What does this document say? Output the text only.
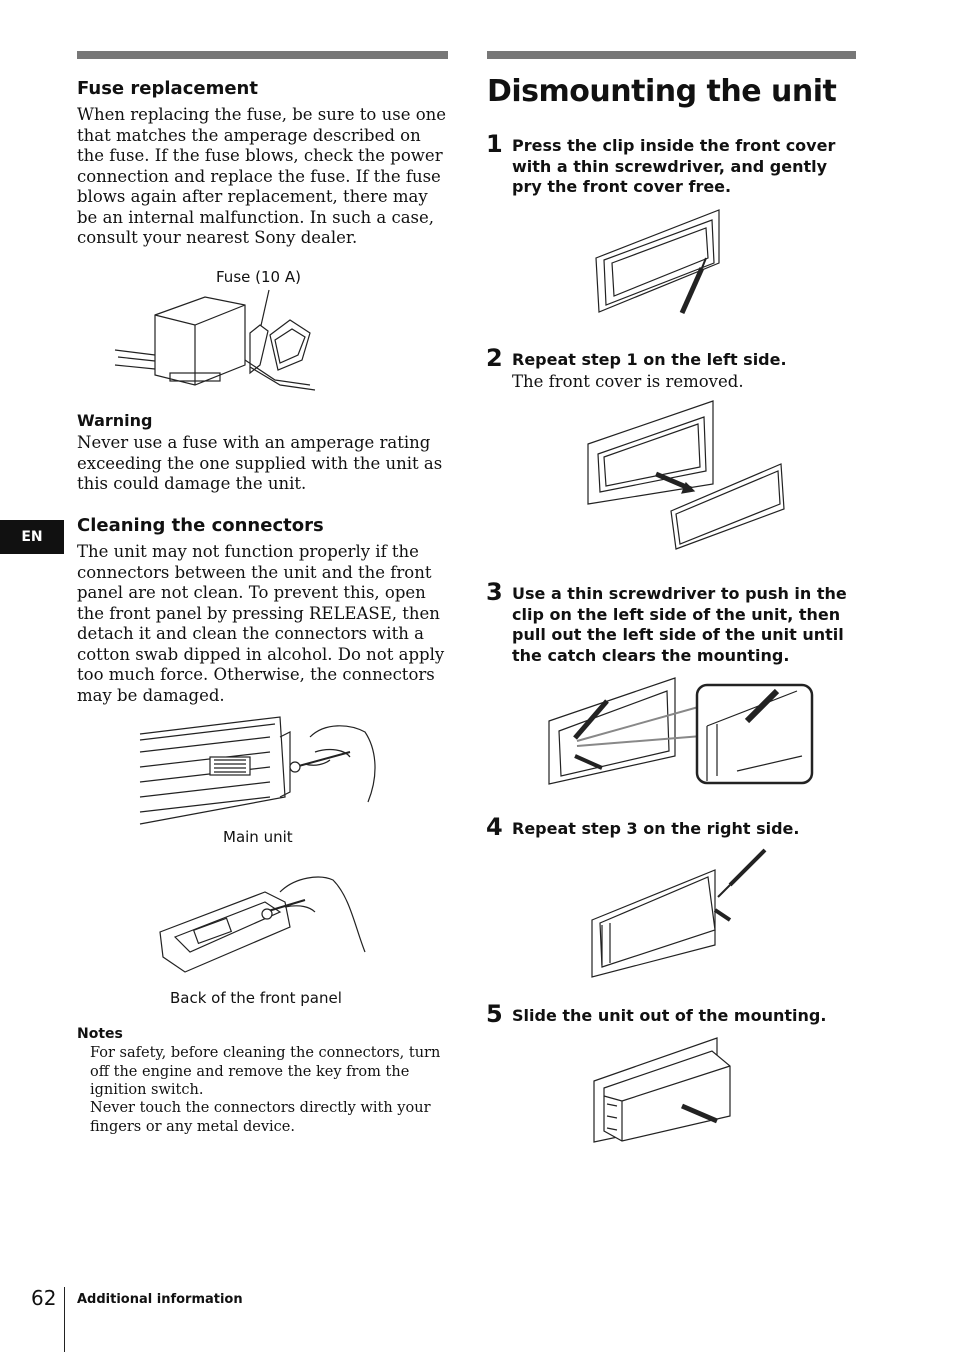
Fuse replacement
When replacing the fuse, be sure to use one that matches the amperage described on the fuse. If the fuse blows, check the power connection and replace the fuse. If the fuse blows again after replacement, there may be an internal malfunction. In such a case, consult your nearest Sony dealer.
Fuse (10 A)
Warning
Never use a fuse with an amperage rating exceeding the one supplied with the unit as this could damage the unit.
EN
Cleaning the connectors
The unit may not function properly if the connectors between the unit and the front panel are not clean. To prevent this, open the front panel by pressing RELEASE, then detach it and clean the connectors with a cotton swab dipped in alcohol. Do not apply too much force. Otherwise, the connectors may be damaged.
Main unit
Back of the front panel
Notes
For safety, before cleaning the connectors, turn off the engine and remove the key from the ignition switch.
Never touch the connectors directly with your fingers or any metal device.
Dismounting the unit
1 Press the clip inside the front cover with a thin screwdriver, and gently pry the front cover free.
2 Repeat step 1 on the left side.
The front cover is removed.
3 Use a thin screwdriver to push in the clip on the left side of the unit, then pull out the left side of the unit until the catch clears the mounting.
4 Repeat step 3 on the right side.
5 Slide the unit out of the mounting.
62 Additional information
